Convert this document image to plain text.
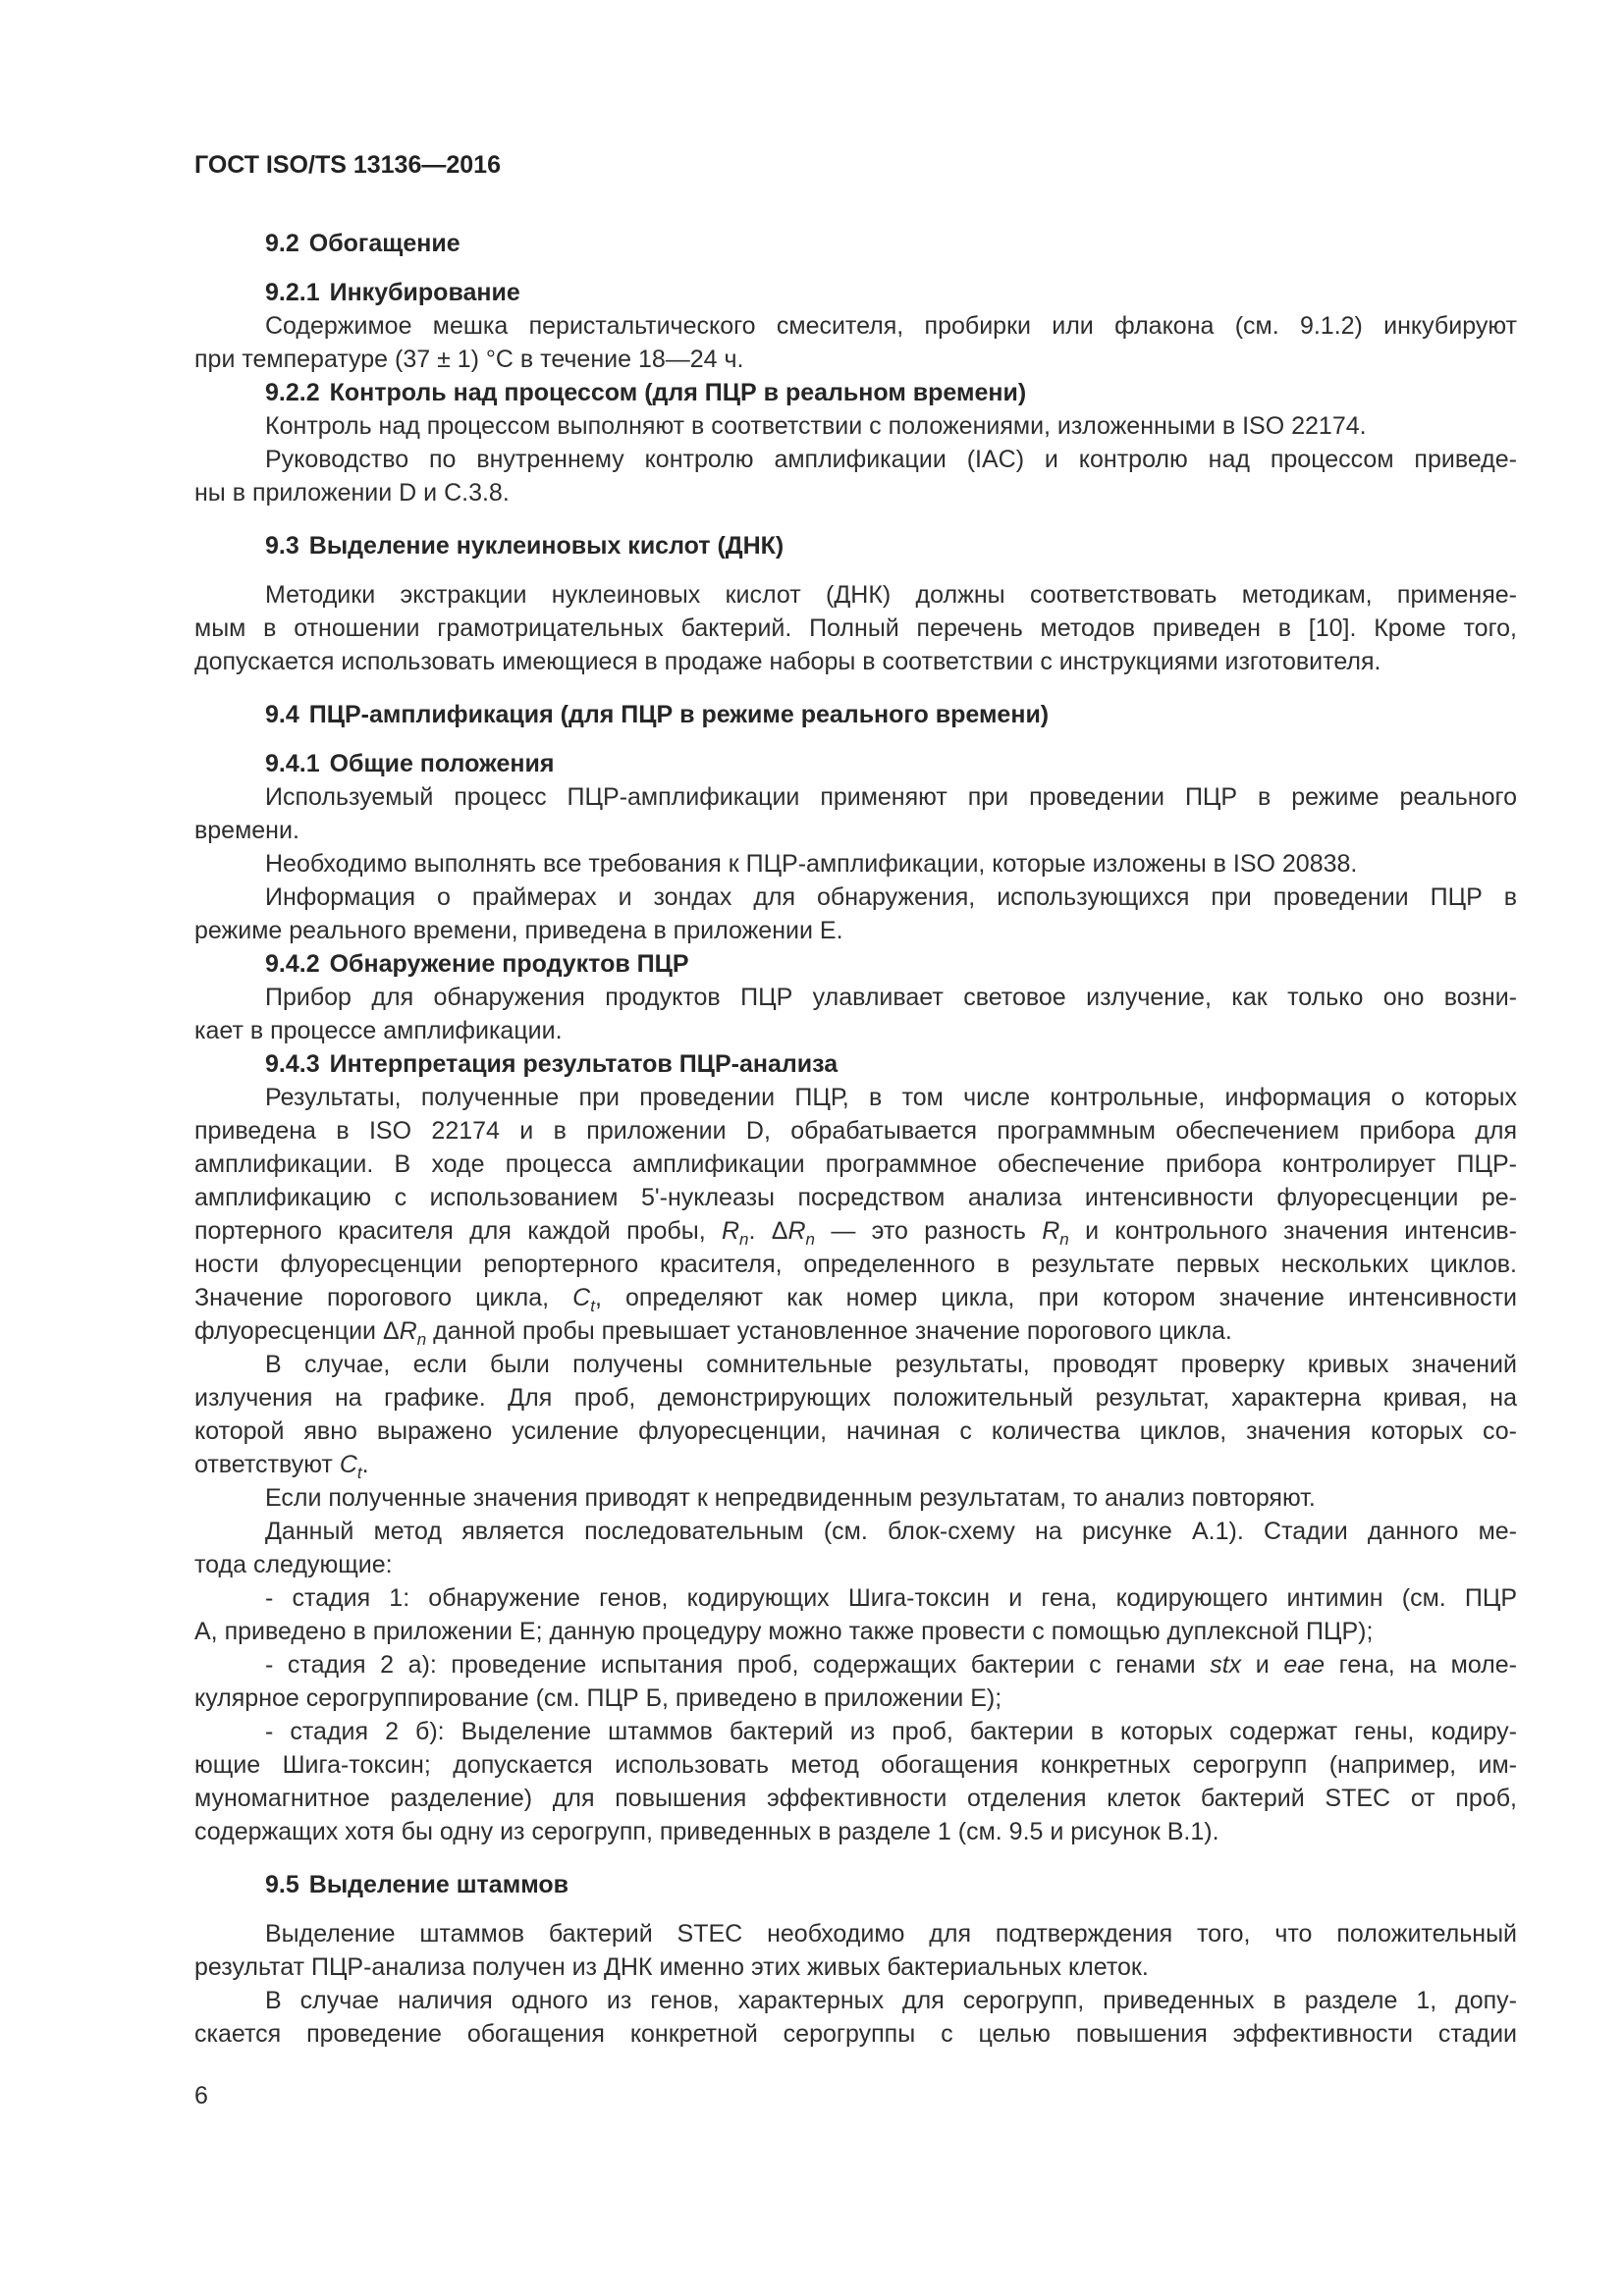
ГОСТ ISO/TS 13136—2016
9.2 Обогащение
9.2.1 Инкубирование
Содержимое мешка перистальтического смесителя, пробирки или флакона (см. 9.1.2) инкубируют
при температуре (37 ± 1) °С в течение 18—24 ч.
9.2.2 Контроль над процессом (для ПЦР в реальном времени)
Контроль над процессом выполняют в соответствии с положениями, изложенными в ISO 22174.
Руководство по внутреннему контролю амплификации (IAC) и контролю над процессом приведе-
ны в приложении D и С.3.8.
9.3 Выделение нуклеиновых кислот (ДНК)
Методики экстракции нуклеиновых кислот (ДНК) должны соответствовать методикам, применяе-
мым в отношении грамотрицательных бактерий. Полный перечень методов приведен в [10]. Кроме того,
допускается использовать имеющиеся в продаже наборы в соответствии с инструкциями изготовителя.
9.4 ПЦР-амплификация (для ПЦР в режиме реального времени)
9.4.1 Общие положения
Используемый процесс ПЦР-амплификации применяют при проведении ПЦР в режиме реального
времени.
Необходимо выполнять все требования к ПЦР-амплификации, которые изложены в ISO 20838.
Информация о праймерах и зондах для обнаружения, использующихся при проведении ПЦР в
режиме реального времени, приведена в приложении Е.
9.4.2 Обнаружение продуктов ПЦР
Прибор для обнаружения продуктов ПЦР улавливает световое излучение, как только оно возни-
кает в процессе амплификации.
9.4.3 Интерпретация результатов ПЦР-анализа
Результаты, полученные при проведении ПЦР, в том числе контрольные, информация о которых
приведена в ISO 22174 и в приложении D, обрабатывается программным обеспечением прибора для
амплификации. В ходе процесса амплификации программное обеспечение прибора контролирует ПЦР-
амплификацию с использованием 5'-нуклеазы посредством анализа интенсивности флуоресценции ре-
портерного красителя для каждой пробы, $R_n$. $\Delta R_n$ — это разность $R_n$ и контрольного значения интенсив-
ности флуоресценции репортерного красителя, определенного в результате первых нескольких циклов.
Значение порогового цикла, $C_t$, определяют как номер цикла, при котором значение интенсивности
флуоресценции $\Delta R_n$ данной пробы превышает установленное значение порогового цикла.
В случае, если были получены сомнительные результаты, проводят проверку кривых значений
излучения на графике. Для проб, демонстрирующих положительный результат, характерна кривая, на
которой явно выражено усиление флуоресценции, начиная с количества циклов, значения которых со-
ответствуют $C_t$.
Если полученные значения приводят к непредвиденным результатам, то анализ повторяют.
Данный метод является последовательным (см. блок-схему на рисунке А.1). Стадии данного ме-
тода следующие:
- стадия 1: обнаружение генов, кодирующих Шига-токсин и гена, кодирующего интимин (см. ПЦР
А, приведено в приложении Е; данную процедуру можно также провести с помощью дуплексной ПЦР);
- стадия 2 а): проведение испытания проб, содержащих бактерии с генами stx и eae гена, на моле-
кулярное серогруппирование (см. ПЦР Б, приведено в приложении Е);
- стадия 2 б): Выделение штаммов бактерий из проб, бактерии в которых содержат гены, кодиру-
ющие Шига-токсин; допускается использовать метод обогащения конкретных серогрупп (например, им-
муномагнитное разделение) для повышения эффективности отделения клеток бактерий STEC от проб,
содержащих хотя бы одну из серогрупп, приведенных в разделе 1 (см. 9.5 и рисунок В.1).
9.5 Выделение штаммов
Выделение штаммов бактерий STEC необходимо для подтверждения того, что положительный
результат ПЦР-анализа получен из ДНК именно этих живых бактериальных клеток.
В случае наличия одного из генов, характерных для серогрупп, приведенных в разделе 1, допу-
скается проведение обогащения конкретной серогруппы с целью повышения эффективности стадии
6
